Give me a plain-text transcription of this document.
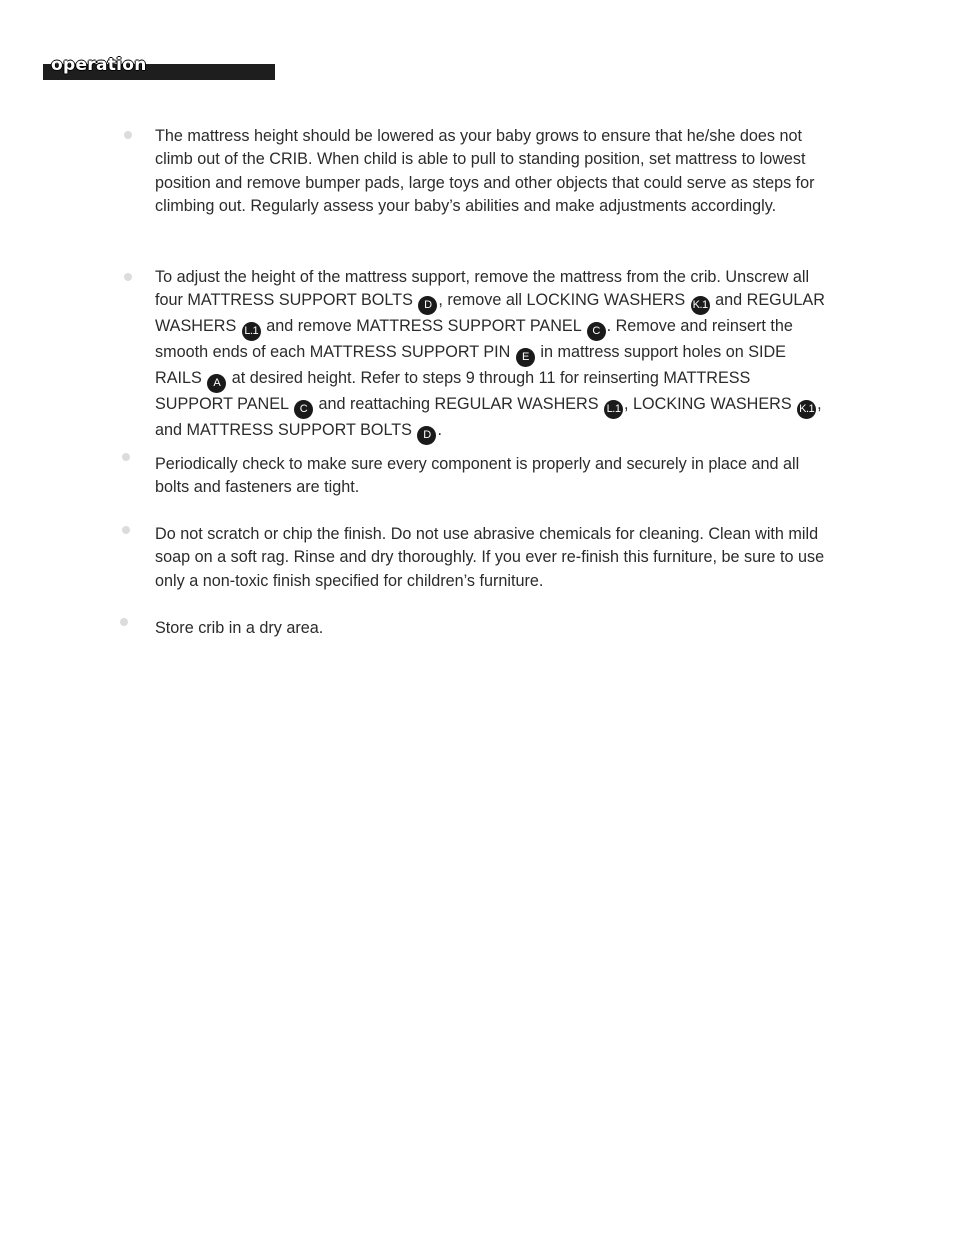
operation
The mattress height should be lowered as your baby grows to ensure that he/she does not climb out of the CRIB. When child is able to pull to standing position, set mattress to lowest position and remove bumper pads, large toys and other objects that could serve as steps for climbing out. Regularly assess your baby’s abilities and make adjustments accordingly.
To adjust the height of the mattress support, remove the mattress from the crib. Unscrew all four MATTRESS SUPPORT BOLTS D , remove all LOCKING WASHERS K.1 and REGULAR WASHERS L.1 and remove MATTRESS SUPPORT PANEL C . Remove and reinsert the smooth ends of each MATTRESS SUPPORT PIN E in mattress support holes on SIDE RAILS A at desired height. Refer to steps 9 through 11 for reinserting MATTRESS SUPPORT PANEL C and reattaching REGULAR WASHERS L.1 , LOCKING WASHERS K.1 , and MATTRESS SUPPORT BOLTS D .
Periodically check to make sure every component is properly and securely in place and all bolts and fasteners are tight.
Do not scratch or chip the finish. Do not use abrasive chemicals for cleaning. Clean with mild soap on a soft rag. Rinse and dry thoroughly. If you ever re-finish this furniture, be sure to use only a non-toxic finish specified for children’s furniture.
Store crib in a dry area.
